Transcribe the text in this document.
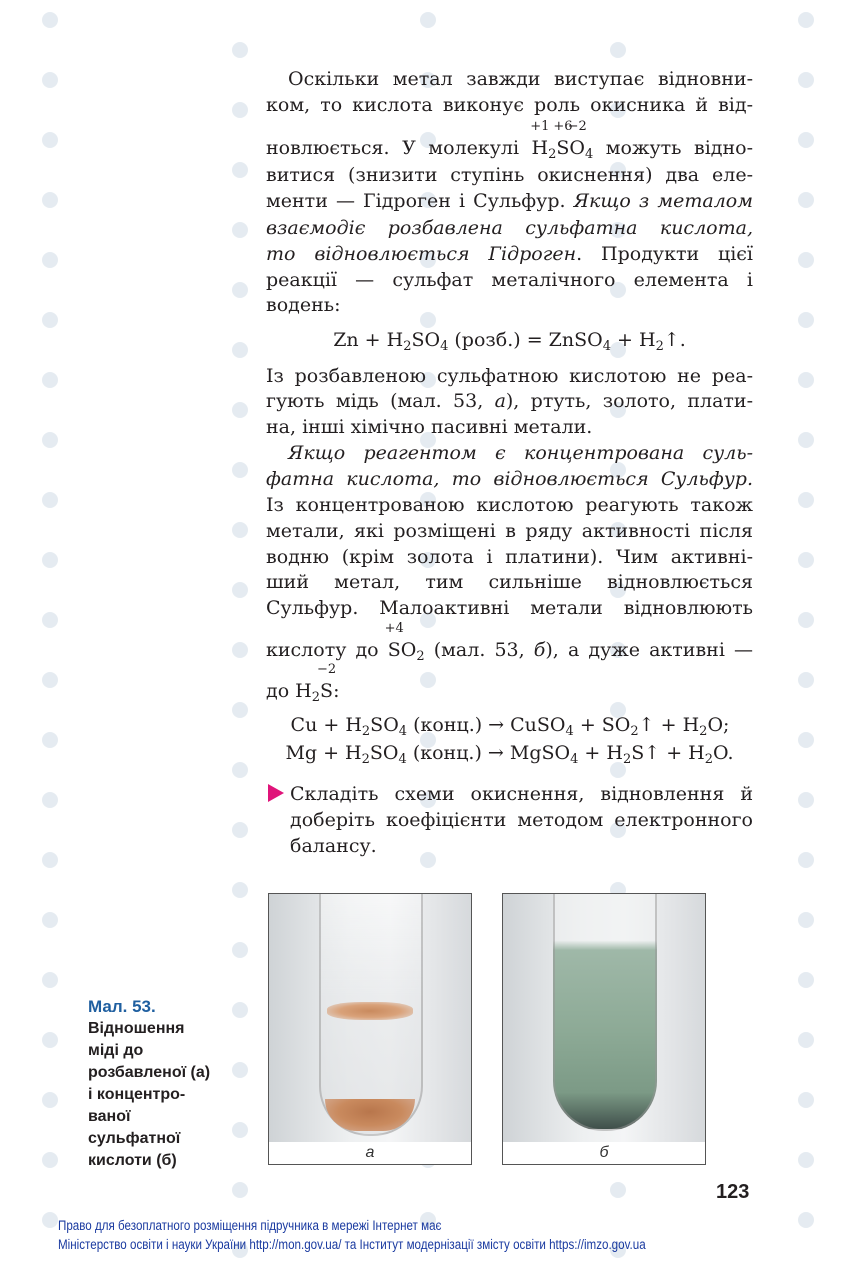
Оскільки метал завжди виступає відновни-
ком, то кислота виконує роль окисника й від-
новлюється. У молекулі
+1
$H_2$
+6
S
−2
$O_4$ можуть відно-
витися (знизити ступінь окиснення) два еле-
менти — Гідроген і Сульфур. Якщо з металом
взаємодіє розбавлена сульфатна кислота,
то відновлюється Гідроген. Продукти цієї
реакції — сульфат металічного елемента і
водень:
$Zn + H_2SO_4$ (розб.) = ZnSO$_4$ + $H_2↑$.
Із розбавленою сульфатною кислотою не реа-
гують мідь (мал. 53, а), ртуть, золото, плати-
на, інші хімічно пасивні метали.
Якщо реагентом є концентрована суль-
фатна кислота, то відновлюється Сульфур.
Із концентрованою кислотою реагують також
метали, які розміщені в ряду активності після
водню (крім золота і платини). Чим активні-
ший метал, тим сильніше відновлюється
Сульфур. Малоактивні метали відновлюють
кислоту до
+4
$SO_2$ (мал. 53, б), а дуже активні —
до $H_2$
−2
S:
$Cu + H_2SO_4$ (конц.) → CuSO$_4$ + $SO_2↑ + H_2O$;
$Mg + H_2SO_4$ (конц.) → MgSO$_4$ + $H_2S↑ + H_2O$.
Складіть схеми окиснення, відновлення й
доберіть коефіцієнти методом електронного
балансу.
Мал. 53.
Відношення
міді до
розбавленої (а)
і концентро-
ваної
сульфатної
кислоти (б)	а	б
123
Право для безоплатного розміщення підручника в мережі Інтернет має
Міністерство освіти і науки України http://mon.gov.ua/ та Інститут модернізації змісту освіти https://imzo.gov.ua
